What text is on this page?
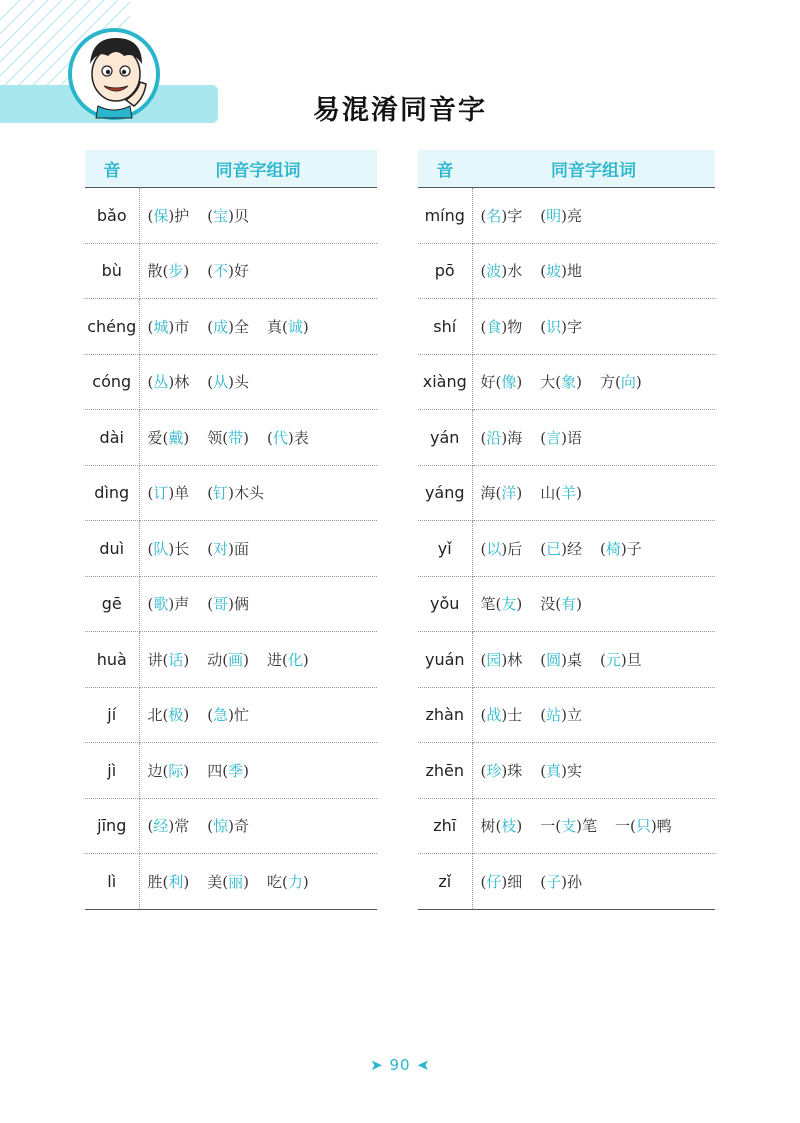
易混淆同音字
音	同音字组词
bǎo	(保)护 (宝)贝
bù	散(步) (不)好
chéng	(城)市 (成)全 真(诚)
cóng	(丛)林 (从)头
dài	爱(戴) 领(带) (代)表
dìng	(订)单 (钉)木头
duì	(队)长 (对)面
gē	(歌)声 (哥)俩
huà	讲(话) 动(画) 进(化)
jí	北(极) (急)忙
jì	边(际) 四(季)
jīng	(经)常 (惊)奇
lì	胜(利) 美(丽) 吃(力)
音	同音字组词
míng	(名)字 (明)亮
pō	(波)水 (坡)地
shí	(食)物 (识)字
xiàng	好(像) 大(象) 方(向)
yán	(沿)海 (言)语
yáng	海(洋) 山(羊)
yǐ	(以)后 (已)经 (椅)子
yǒu	笔(友) 没(有)
yuán	(园)林 (圆)桌 (元)旦
zhàn	(战)士 (站)立
zhēn	(珍)珠 (真)实
zhī	树(枝) 一(支)笔 一(只)鸭
zǐ	(仔)细 (子)孙
➤ 90 ➤
